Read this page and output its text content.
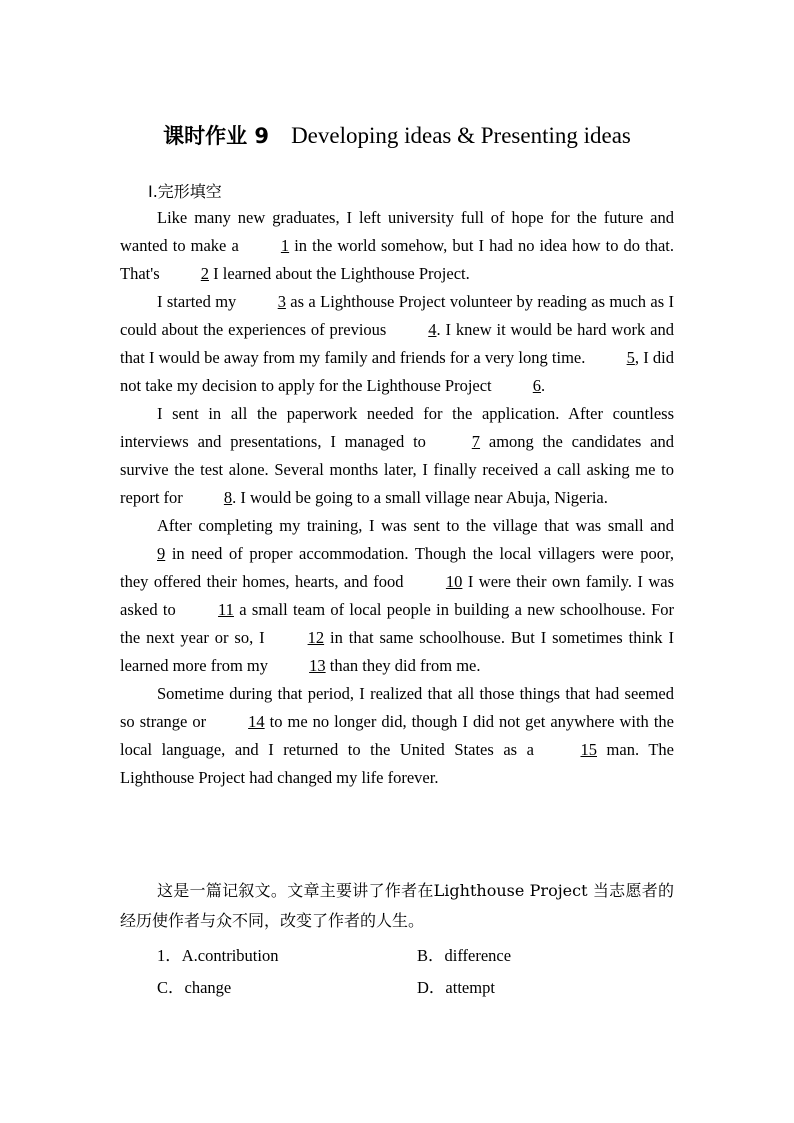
课时作业 9 Developing ideas & Presenting ideas
Ⅰ.完形填空

Like many new graduates, I left university full of hope for the future and wanted to make a 1 in the world somehow, but I had no idea how to do that. That's 2 I learned about the Lighthouse Project.

I started my 3 as a Lighthouse Project volunteer by reading as much as I could about the experiences of previous 4. I knew it would be hard work and that I would be away from my family and friends for a very long time. 5, I did not take my decision to apply for the Lighthouse Project 6.

I sent in all the paperwork needed for the application. After countless interviews and presentations, I managed to 7 among the candidates and survive the test alone. Several months later, I finally received a call asking me to report for 8. I would be going to a small village near Abuja, Nigeria.

After completing my training, I was sent to the village that was small and 9 in need of proper accommodation. Though the local villagers were poor, they offered their homes, hearts, and food 10 I were their own family. I was asked to 11 a small team of local people in building a new schoolhouse. For the next year or so, I 12 in that same schoolhouse. But I sometimes think I learned more from my 13 than they did from me.

Sometime during that period, I realized that all those things that had seemed so strange or 14 to me no longer did, though I did not get anywhere with the local language, and I returned to the United States as a 15 man. The Lighthouse Project had changed my life forever.

这是一篇记叙文。文章主要讲了作者在Lighthouse Project 当志愿者的经历使作者与众不同，改变了作者的人生。
1．A.contribution	B．difference
C．change	D．attempt
